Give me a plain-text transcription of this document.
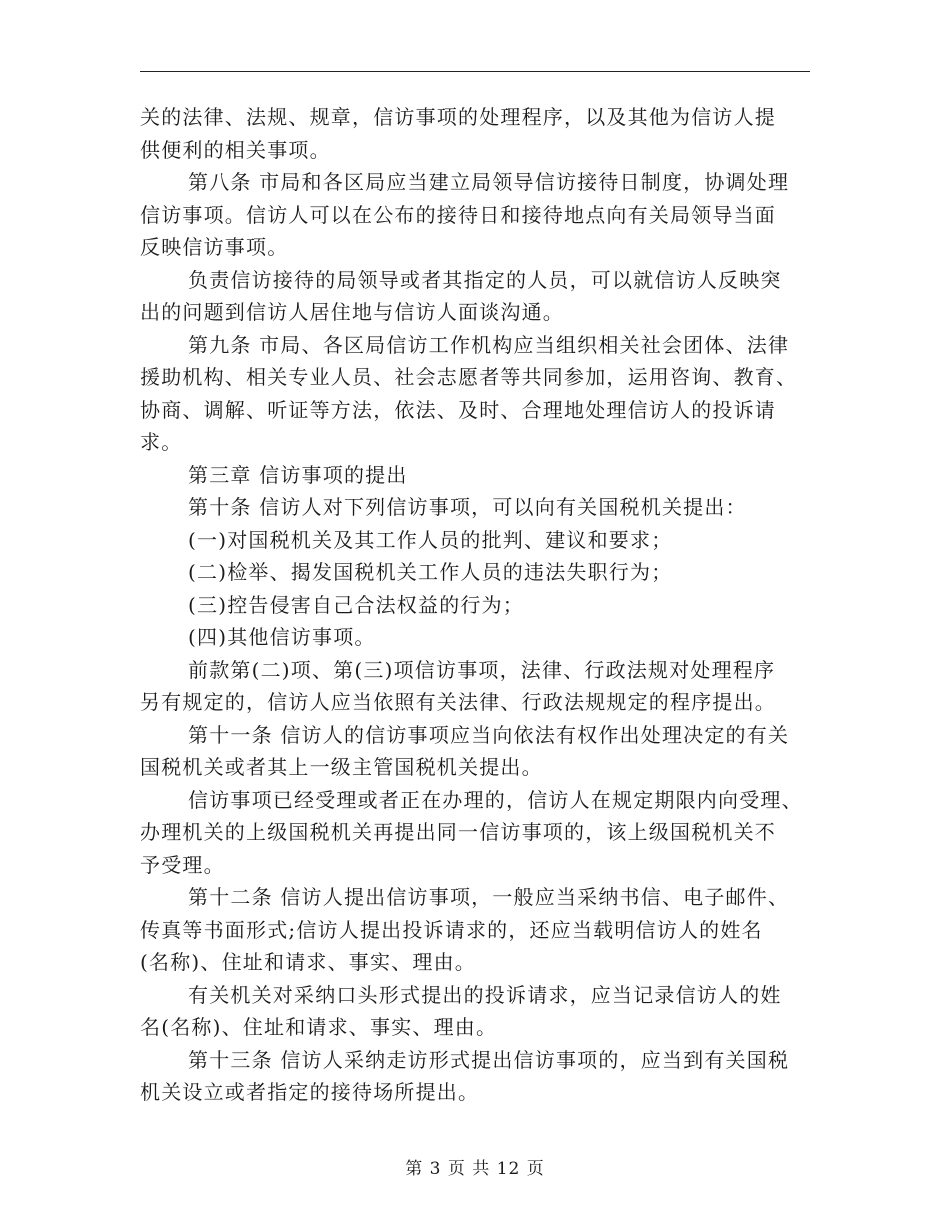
关的法律、法规、规章，信访事项的处理程序，以及其他为信访人提
供便利的相关事项。

第八条 市局和各区局应当建立局领导信访接待日制度，协调处理
信访事项。信访人可以在公布的接待日和接待地点向有关局领导当面
反映信访事项。

负责信访接待的局领导或者其指定的人员，可以就信访人反映突
出的问题到信访人居住地与信访人面谈沟通。

第九条 市局、各区局信访工作机构应当组织相关社会团体、法律
援助机构、相关专业人员、社会志愿者等共同参加，运用咨询、教育、
协商、调解、听证等方法，依法、及时、合理地处理信访人的投诉请
求。

第三章 信访事项的提出

第十条 信访人对下列信访事项，可以向有关国税机关提出：

(一)对国税机关及其工作人员的批判、建议和要求；

(二)检举、揭发国税机关工作人员的违法失职行为；

(三)控告侵害自己合法权益的行为；

(四)其他信访事项。

前款第(二)项、第(三)项信访事项，法律、行政法规对处理程序
另有规定的，信访人应当依照有关法律、行政法规规定的程序提出。

第十一条 信访人的信访事项应当向依法有权作出处理决定的有关
国税机关或者其上一级主管国税机关提出。

信访事项已经受理或者正在办理的，信访人在规定期限内向受理、
办理机关的上级国税机关再提出同一信访事项的，该上级国税机关不
予受理。

第十二条 信访人提出信访事项，一般应当采纳书信、电子邮件、
传真等书面形式;信访人提出投诉请求的，还应当载明信访人的姓名
(名称)、住址和请求、事实、理由。

有关机关对采纳口头形式提出的投诉请求，应当记录信访人的姓
名(名称)、住址和请求、事实、理由。

第十三条 信访人采纳走访形式提出信访事项的，应当到有关国税
机关设立或者指定的接待场所提出。

第 3 页 共 12 页
